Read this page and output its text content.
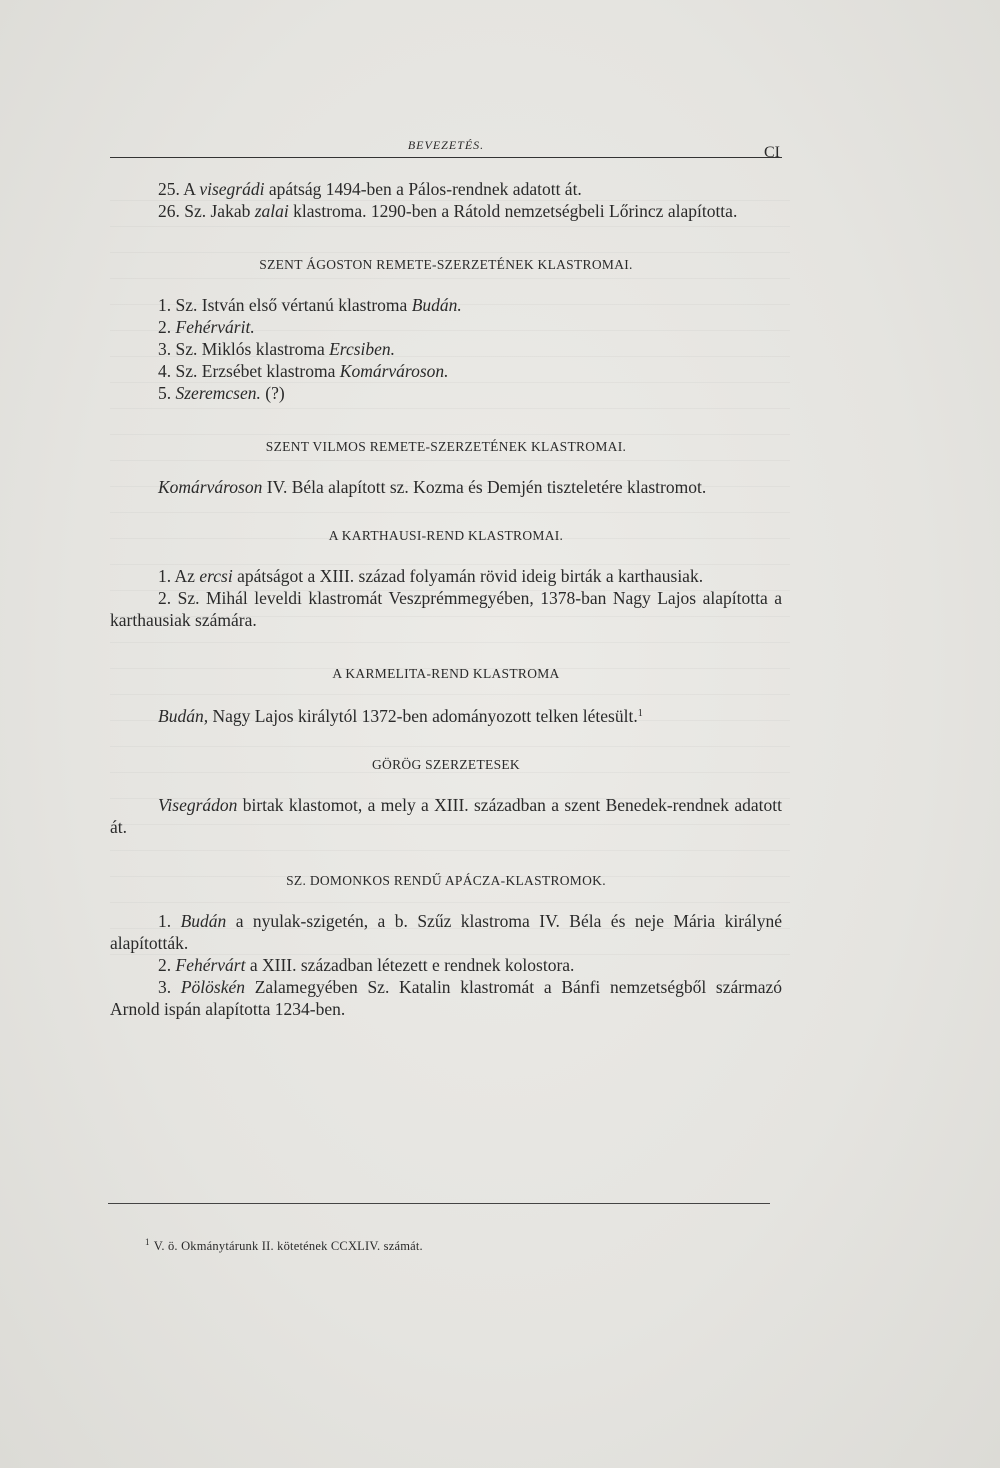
BEVEZETÉS.	CI

25. A visegrádi apátság 1494-ben a Pálos-rendnek adatott át.

26. Sz. Jakab zalai klastroma. 1290-ben a Rátold nemzetségbeli Lőrincz alapította.

SZENT ÁGOSTON REMETE-SZERZETÉNEK KLASTROMAI.

1. Sz. István első vértanú klastroma Budán.

2. Fehérvárit.

3. Sz. Miklós klastroma Ercsiben.

4. Sz. Erzsébet klastroma Komárvároson.

5. Szeremcsen. (?)

SZENT VILMOS REMETE-SZERZETÉNEK KLASTROMAI.

Komárvároson IV. Béla alapított sz. Kozma és Demjén tiszteletére klastromot.

A KARTHAUSI-REND KLASTROMAI.

1. Az ercsi apátságot a XIII. század folyamán rövid ideig birták a karthausiak.

2. Sz. Mihál leveldi klastromát Veszprémmegyében, 1378-ban Nagy Lajos alapította a karthausiak számára.

A KARMELITA-REND KLASTROMA

Budán, Nagy Lajos királytól 1372-ben adományozott telken létesült.$^1$

GÖRÖG SZERZETESEK

Visegrádon birtak klastomot, a mely a XIII. században a szent Benedek-rendnek adatott át.

SZ. DOMONKOS RENDŰ APÁCZA-KLASTROMOK.

1. Budán a nyulak-szigetén, a b. Szűz klastroma IV. Béla és neje Mária királyné alapították.

2. Fehérvárt a XIII. században létezett e rendnek kolostora.

3. Pölöskén Zalamegyében Sz. Katalin klastromát a Bánfi nemzetségből származó Arnold ispán alapította 1234-ben.

$^1$ V. ö. Okmánytárunk II. kötetének CCXLIV. számát.
